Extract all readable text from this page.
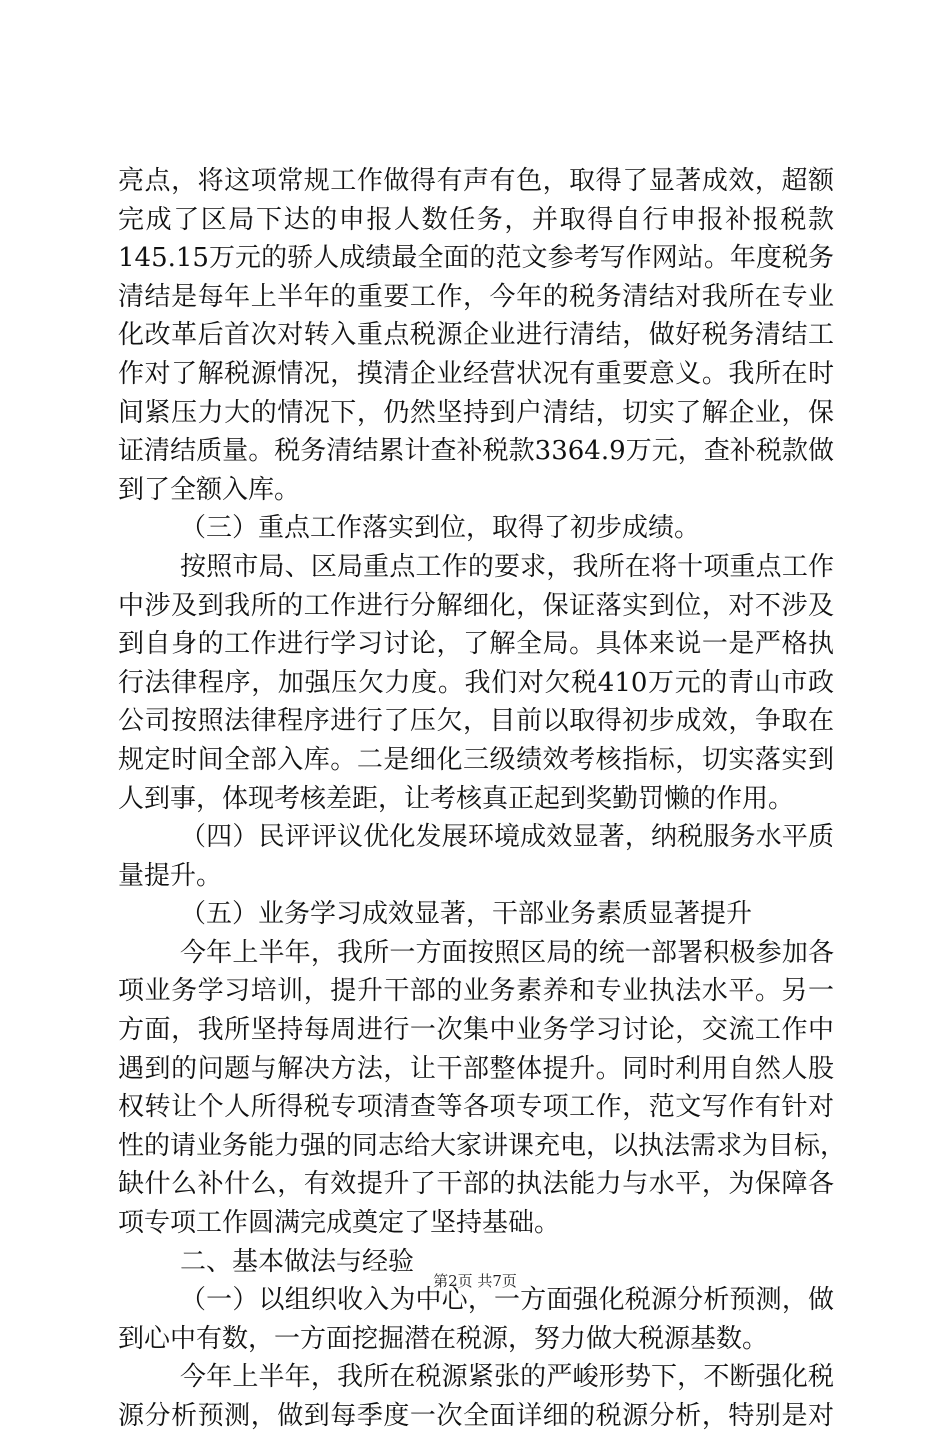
亮点，将这项常规工作做得有声有色，取得了显著成效，超额
完成了区局下达的申报人数任务，并取得自行申报补报税款
145.15万元的骄人成绩最全面的范文参考写作网站。年度税务
清结是每年上半年的重要工作，今年的税务清结对我所在专业
化改革后首次对转入重点税源企业进行清结，做好税务清结工
作对了解税源情况，摸清企业经营状况有重要意义。我所在时
间紧压力大的情况下，仍然坚持到户清结，切实了解企业，保
证清结质量。税务清结累计查补税款3364.9万元，查补税款做
到了全额入库。
（三）重点工作落实到位，取得了初步成绩。
按照市局、区局重点工作的要求，我所在将十项重点工作
中涉及到我所的工作进行分解细化，保证落实到位，对不涉及
到自身的工作进行学习讨论，了解全局。具体来说一是严格执
行法律程序，加强压欠力度。我们对欠税410万元的青山市政
公司按照法律程序进行了压欠，目前以取得初步成效，争取在
规定时间全部入库。二是细化三级绩效考核指标，切实落实到
人到事，体现考核差距，让考核真正起到奖勤罚懒的作用。
（四）民评评议优化发展环境成效显著，纳税服务水平质
量提升。
（五）业务学习成效显著，干部业务素质显著提升
今年上半年，我所一方面按照区局的统一部署积极参加各
项业务学习培训，提升干部的业务素养和专业执法水平。另一
方面，我所坚持每周进行一次集中业务学习讨论，交流工作中
遇到的问题与解决方法，让干部整体提升。同时利用自然人股
权转让个人所得税专项清查等各项专项工作，范文写作有针对
性的请业务能力强的同志给大家讲课充电，以执法需求为目标，
缺什么补什么，有效提升了干部的执法能力与水平，为保障各
项专项工作圆满完成奠定了坚持基础。
二、基本做法与经验
（一）以组织收入为中心，一方面强化税源分析预测，做
到心中有数，一方面挖掘潜在税源，努力做大税源基数。
今年上半年，我所在税源紧张的严峻形势下，不断强化税
源分析预测，做到每季度一次全面详细的税源分析，特别是对
第2页 共7页
